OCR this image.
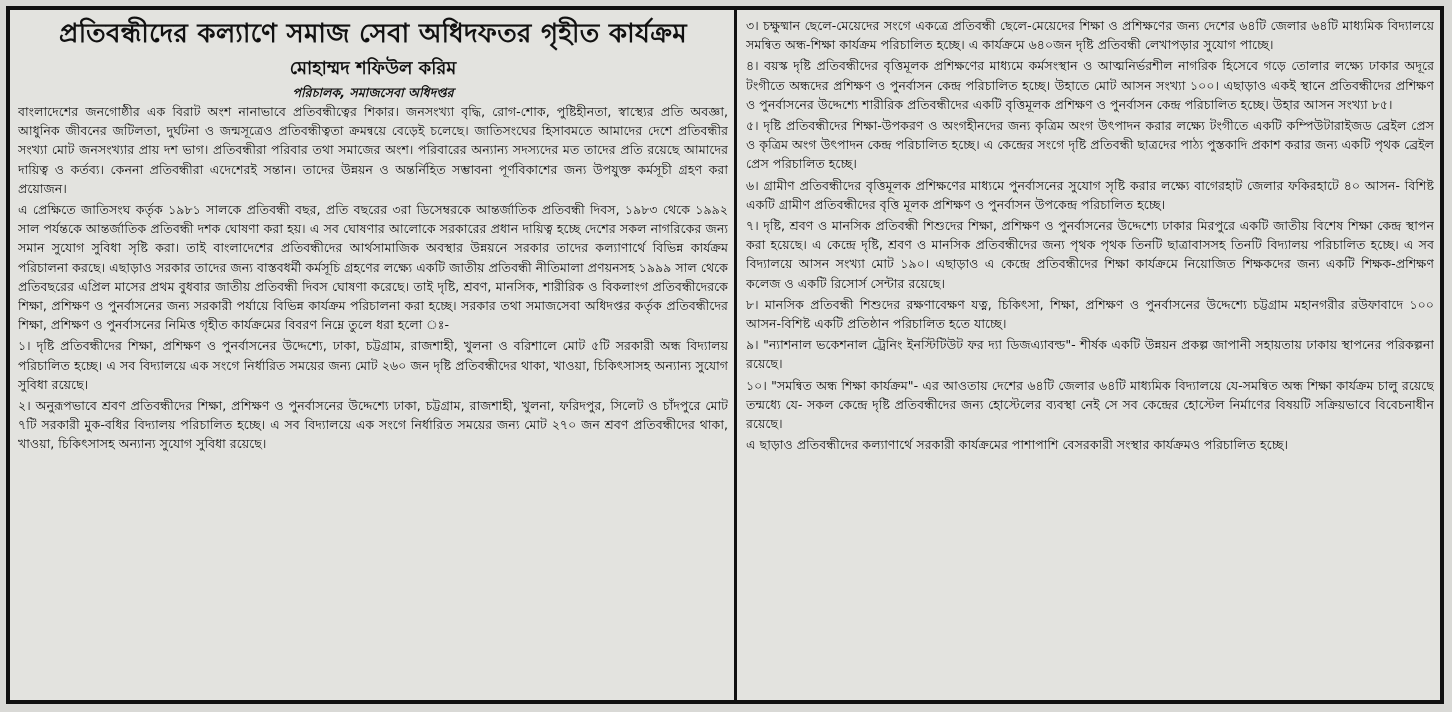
প্রতিবন্ধীদের কল্যাণে সমাজ সেবা অধিদফতর গৃহীত কার্যক্রম
মোহাম্মদ শফিউল করিম
পরিচালক, সমাজসেবা অধিদপ্তর

বাংলাদেশের জনগোষ্ঠীর এক বিরাট অংশ নানাভাবে প্রতিবন্ধীত্বের শিকার। জনসংখ্যা বৃদ্ধি, রোগ-শোক, পুষ্টিহীনতা, স্বাস্থ্যের প্রতি অবজ্ঞা, আধুনিক জীবনের জটিলতা, দুর্ঘটনা ও জন্মসূত্রেও প্রতিবন্ধীত্বতা ক্রমন্বয়ে বেড়েই চলেছে। জাতিসংঘের হিসাবমতে আমাদের দেশে প্রতিবন্ধীর সংখ্যা মোট জনসংখ্যার প্রায় দশ ভাগ। প্রতিবন্ধীরা পরিবার তথা সমাজের অংশ। পরিবারের অন্যান্য সদস্যদের মত তাদের প্রতি রয়েছে আমাদের দায়িত্ব ও কর্তব্য। কেননা প্রতিবন্ধীরা এদেশেরই সন্তান। তাদের উন্নয়ন ও অন্তর্নিহিত সম্ভাবনা পূর্ণবিকাশের জন্য উপযুক্ত কর্মসূচী গ্রহণ করা প্রয়োজন।

এ প্রেক্ষিতে জাতিসংঘ কর্তৃক ১৯৮১ সালকে প্রতিবন্ধী বছর, প্রতি বছরের ৩রা ডিসেম্বরকে আন্তর্জাতিক প্রতিবন্ধী দিবস, ১৯৮৩ থেকে ১৯৯২ সাল পর্যন্তকে আন্তর্জাতিক প্রতিবন্ধী দশক ঘোষণা করা হয়। এ সব ঘোষণার আলোকে সরকারের প্রধান দায়িত্ব হচ্ছে দেশের সকল নাগরিকের জন্য সমান সুযোগ সুবিধা সৃষ্টি করা। তাই বাংলাদেশের প্রতিবন্ধীদের আর্থসামাজিক অবস্থার উন্নয়নে সরকার তাদের কল্যাণার্থে বিভিন্ন কার্যক্রম পরিচালনা করছে। এছাড়াও সরকার তাদের জন্য বাস্তবধর্মী কর্মসূচি গ্রহণের লক্ষ্যে একটি জাতীয় প্রতিবন্ধী নীতিমালা প্রণয়নসহ ১৯৯৯ সাল থেকে প্রতিবছরের এপ্রিল মাসের প্রথম বুধবার জাতীয় প্রতিবন্ধী দিবস ঘোষণা করেছে। তাই দৃষ্টি, শ্রবণ, মানসিক, শারীরিক ও বিকলাংগ প্রতিবন্ধীদেরকে শিক্ষা, প্রশিক্ষণ ও পুনর্বাসনের জন্য সরকারী পর্যায়ে বিভিন্ন কার্যক্রম পরিচালনা করা হচ্ছে। সরকার তথা সমাজসেবা অধিদপ্তর কর্তৃক প্রতিবন্ধীদের শিক্ষা, প্রশিক্ষণ ও পুনর্বাসনের নিমিত্ত গৃহীত কার্যক্রমের বিবরণ নিম্নে তুলে ধরা হলো ঃ-

১। দৃষ্টি প্রতিবন্ধীদের শিক্ষা, প্রশিক্ষণ ও পুনর্বাসনের উদ্দেশ্যে, ঢাকা, চট্টগ্রাম, রাজশাহী, খুলনা ও বরিশালে মোট ৫টি সরকারী অন্ধ বিদ্যালয় পরিচালিত হচ্ছে। এ সব বিদ্যালয়ে এক সংগে নির্ধারিত সময়ের জন্য মোট ২৬০ জন দৃষ্টি প্রতিবন্ধীদের থাকা, খাওয়া, চিকিৎসাসহ অন্যান্য সুযোগ সুবিধা রয়েছে।

২। অনুরূপভাবে শ্রবণ প্রতিবন্ধীদের শিক্ষা, প্রশিক্ষণ ও পুনর্বাসনের উদ্দেশ্যে ঢাকা, চট্টগ্রাম, রাজশাহী, খুলনা, ফরিদপুর, সিলেট ও চাঁদপুরে মোট ৭টি সরকারী মুক-বধির বিদ্যালয় পরিচালিত হচ্ছে। এ সব বিদ্যালয়ে এক সংগে নির্ধারিত সময়ের জন্য মোট ২৭০ জন শ্রবণ প্রতিবন্ধীদের থাকা, খাওয়া, চিকিৎসাসহ অন্যান্য সুযোগ সুবিধা রয়েছে।

৩। চক্ষুষ্মান ছেলে-মেয়েদের সংগে একত্রে প্রতিবন্ধী ছেলে-মেয়েদের শিক্ষা ও প্রশিক্ষণের জন্য দেশের ৬৪টি জেলার ৬৪টি মাধ্যমিক বিদ্যালয়ে সমন্বিত অন্ধ-শিক্ষা কার্যক্রম পরিচালিত হচ্ছে। এ কার্যক্রমে ৬৪০জন দৃষ্টি প্রতিবন্ধী লেখাপড়ার সুযোগ পাচ্ছে।

৪। বয়স্ক দৃষ্টি প্রতিবন্ধীদের বৃত্তিমূলক প্রশিক্ষণের মাধ্যমে কর্মসংস্থান ও আত্মনির্ভরশীল নাগরিক হিসেবে গড়ে তোলার লক্ষ্যে ঢাকার অদূরে টংগীতে অন্ধদের প্রশিক্ষণ ও পুনর্বাসন কেন্দ্র পরিচালিত হচ্ছে। উহাতে মোট আসন সংখ্যা ১০০। এছাড়াও একই স্থানে প্রতিবন্ধীদের প্রশিক্ষণ ও পুনর্বাসনের উদ্দেশ্যে শারীরিক প্রতিবন্ধীদের একটি বৃত্তিমূলক প্রশিক্ষণ ও পুনর্বাসন কেন্দ্র পরিচালিত হচ্ছে। উহার আসন সংখ্যা ৮৫।

৫। দৃষ্টি প্রতিবন্ধীদের শিক্ষা-উপকরণ ও অংগহীনদের জন্য কৃত্রিম অংগ উৎপাদন করার লক্ষ্যে টংগীতে একটি কম্পিউটারাইজড ব্রেইল প্রেস ও কৃত্রিম অংগ উৎপাদন কেন্দ্র পরিচালিত হচ্ছে। এ কেন্দ্রের সংগে দৃষ্টি প্রতিবন্ধী ছাত্রদের পাঠ্য পুস্তকাদি প্রকাশ করার জন্য একটি পৃথক ব্রেইল প্রেস পরিচালিত হচ্ছে।

৬। গ্রামীণ প্রতিবন্ধীদের বৃত্তিমূলক প্রশিক্ষণের মাধ্যমে পুনর্বাসনের সুযোগ সৃষ্টি করার লক্ষ্যে বাগেরহাট জেলার ফকিরহাটে ৪০ আসন- বিশিষ্ট একটি গ্রামীণ প্রতিবন্ধীদের বৃত্তি মূলক প্রশিক্ষণ ও পুনর্বাসন উপকেন্দ্র পরিচালিত হচ্ছে।

৭। দৃষ্টি, শ্রবণ ও মানসিক প্রতিবন্ধী শিশুদের শিক্ষা, প্রশিক্ষণ ও পুনর্বাসনের উদ্দেশ্যে ঢাকার মিরপুরে একটি জাতীয় বিশেষ শিক্ষা কেন্দ্র স্থাপন করা হয়েছে। এ কেন্দ্রে দৃষ্টি, শ্রবণ ও মানসিক প্রতিবন্ধীদের জন্য পৃথক পৃথক তিনটি ছাত্রাবাসসহ তিনটি বিদ্যালয় পরিচালিত হচ্ছে। এ সব বিদ্যালয়ে আসন সংখ্যা মোট ১৯০। এছাড়াও এ কেন্দ্রে প্রতিবন্ধীদের শিক্ষা কার্যক্রমে নিয়োজিত শিক্ষকদের জন্য একটি শিক্ষক-প্রশিক্ষণ কলেজ ও একটি রিসোর্স সেন্টার রয়েছে।

৮। মানসিক প্রতিবন্ধী শিশুদের রক্ষণাবেক্ষণ যত্ন, চিকিৎসা, শিক্ষা, প্রশিক্ষণ ও পুনর্বাসনের উদ্দেশ্যে চট্টগ্রাম মহানগরীর রউফাবাদে ১০০ আসন-বিশিষ্ট একটি প্রতিষ্ঠান পরিচালিত হতে যাচ্ছে।

৯। "ন্যাশনাল ভকেশনাল ট্রেনিং ইনস্টিটিউট ফর দ্যা ডিজএ্যাবল্ড"- শীর্ষক একটি উন্নয়ন প্রকল্প জাপানী সহায়তায় ঢাকায় স্থাপনের পরিকল্পনা রয়েছে।

১০। "সমন্বিত অন্ধ শিক্ষা কার্যক্রম"- এর আওতায় দেশের ৬৪টি জেলার ৬৪টি মাধ্যমিক বিদ্যালয়ে যে-সমন্বিত অন্ধ শিক্ষা কার্যক্রম চালু রয়েছে তন্মধ্যে যে- সকল কেন্দ্রে দৃষ্টি প্রতিবন্ধীদের জন্য হোস্টেলের ব্যবস্থা নেই সে সব কেন্দ্রের হোস্টেল নির্মাণের বিষয়টি সক্রিয়ভাবে বিবেচনাধীন রয়েছে।

এ ছাড়াও প্রতিবন্ধীদের কল্যাণার্থে সরকারী কার্যক্রমের পাশাপাশি বেসরকারী সংস্থার কার্যক্রমও পরিচালিত হচ্ছে।
